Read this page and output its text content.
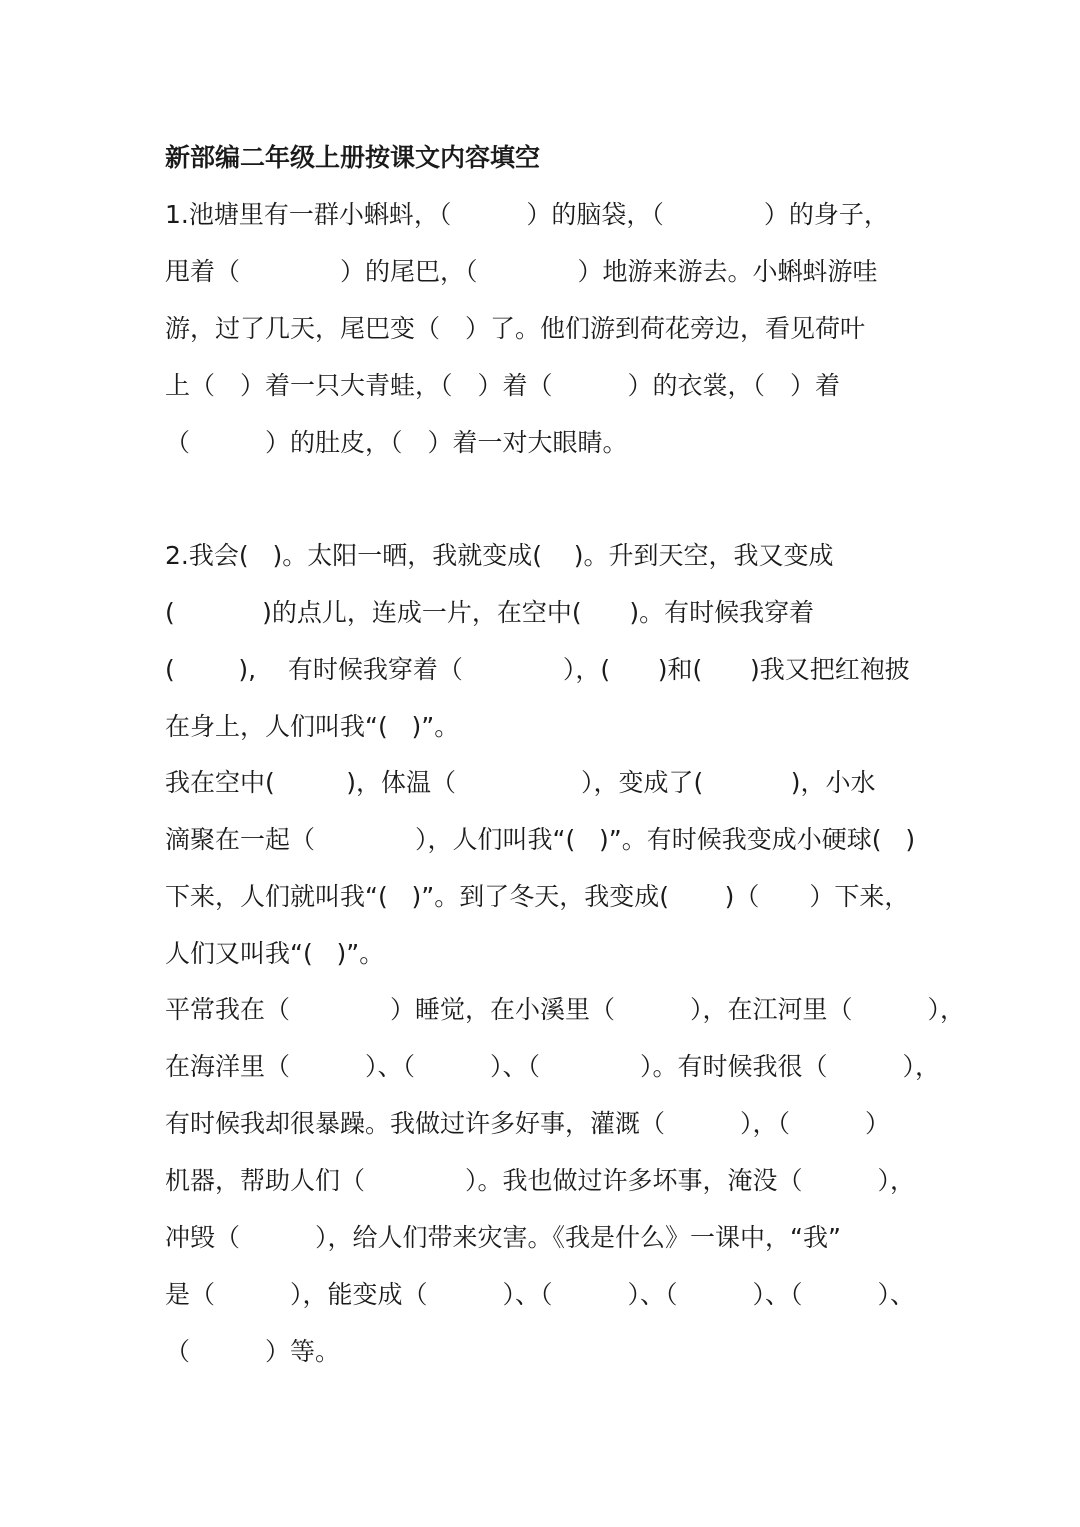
新部编二年级上册按课文内容填空
1.池塘里有一群小蝌蚪，（　　　）的脑袋，（　　　　）的身子，
甩着（　　　　）的尾巴，（　　　　）地游来游去。小蝌蚪游哇
游，过了几天，尾巴变（　）了。他们游到荷花旁边，看见荷叶
上（　）着一只大青蛙，（　）着（　　　）的衣裳，（　）着
（　　　）的肚皮，（　）着一对大眼睛。
2.我会(   )。太阳一晒，我就变成(    )。升到天空，我又变成
(           )的点儿，连成一片，在空中(      )。有时候我穿着
(        ),    有时候我穿着（　　　　），(      )和(      )我又把红袍披
在身上，人们叫我“(   )”。
我在空中(         )，体温（　　　　　），变成了(           )，小水
滴聚在一起（　　　　），人们叫我“(   )”。有时候我变成小硬球(   )
下来，人们就叫我“(   )”。到了冬天，我变成(       )（　　）下来，
人们又叫我“(   )”。
平常我在（　　　　）睡觉，在小溪里（　　　），在江河里（　　　），
在海洋里（　　　）、（　　　）、（　　　　）。有时候我很（　　　），
有时候我却很暴躁。我做过许多好事，灌溉（　　　），（　　　）
机器，帮助人们（　　　　）。我也做过许多坏事，淹没（　　　），
冲毁（　　　），给人们带来灾害。《我是什么》一课中，“我”
是（　　　），能变成（　　　）、（　　　）、（　　　）、（　　　）、
（　　　）等。
